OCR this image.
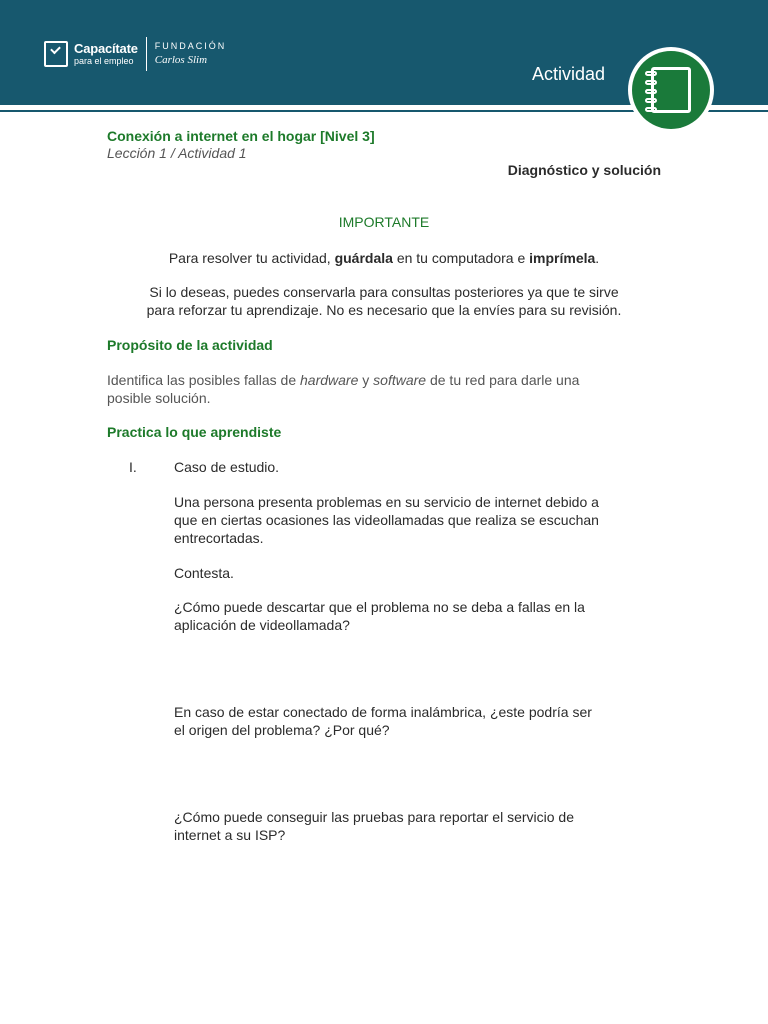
Capacítate
para el empleo
FUNDACIÓN
Carlos Slim
Actividad
Conexión a internet en el hogar [Nivel 3]
Lección 1 / Actividad 1
Diagnóstico y solución
IMPORTANTE
Para resolver tu actividad, guárdala en tu computadora e imprímela.
Si lo deseas, puedes conservarla para consultas posteriores ya que te sirve
para reforzar tu aprendizaje. No es necesario que la envíes para su revisión.
Propósito de la actividad
Identifica las posibles fallas de hardware y software de tu red para darle una
posible solución.
Practica lo que aprendiste
I.	Caso de estudio.
Una persona presenta problemas en su servicio de internet debido a
que en ciertas ocasiones las videollamadas que realiza se escuchan
entrecortadas.
Contesta.
¿Cómo puede descartar que el problema no se deba a fallas en la
aplicación de videollamada?
En caso de estar conectado de forma inalámbrica, ¿este podría ser
el origen del problema? ¿Por qué?
¿Cómo puede conseguir las pruebas para reportar el servicio de
internet a su ISP?
